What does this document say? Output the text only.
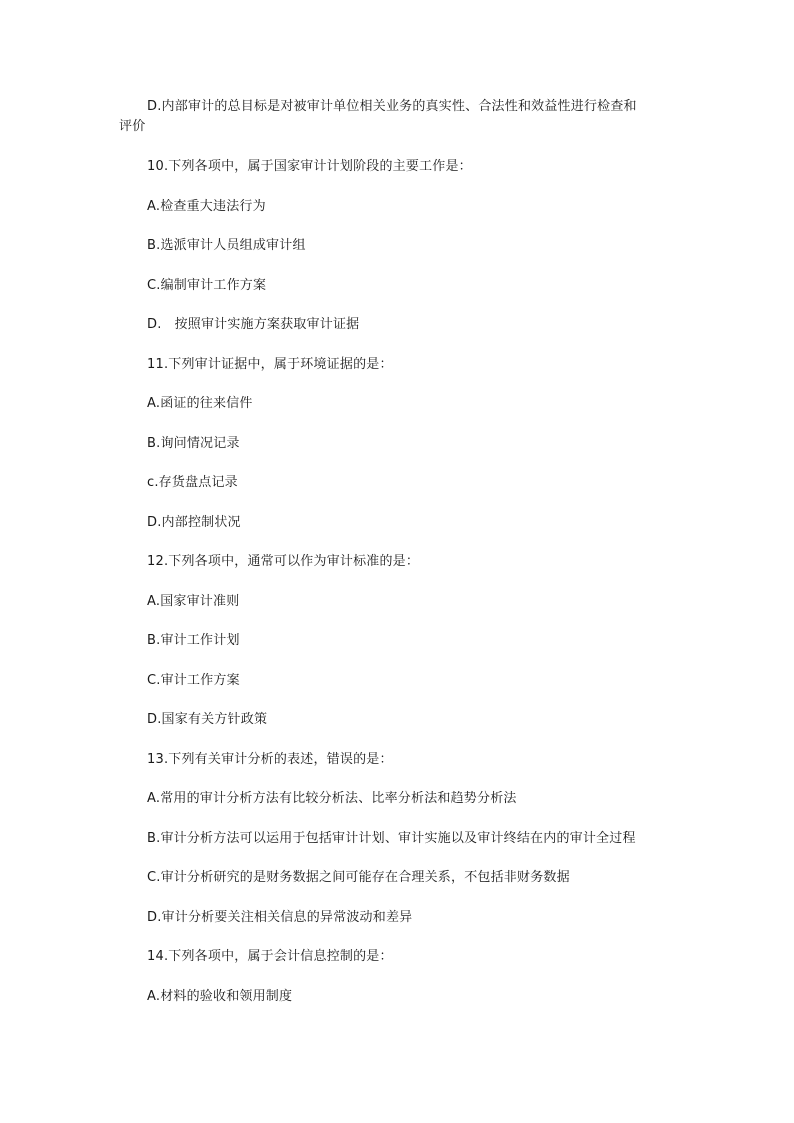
D.内部审计的总目标是对被审计单位相关业务的真实性、合法性和效益性进行检查和
评价
10.下列各项中，属于国家审计计划阶段的主要工作是：
A.检查重大违法行为
B.选派审计人员组成审计组
C.编制审计工作方案
D.   按照审计实施方案获取审计证据
11.下列审计证据中，属于环境证据的是：
A.函证的往来信件
B.询问情况记录
c.存货盘点记录
D.内部控制状况
12.下列各项中，通常可以作为审计标准的是：
A.国家审计准则
B.审计工作计划
C.审计工作方案
D.国家有关方针政策
13.下列有关审计分析的表述，错误的是：
A.常用的审计分析方法有比较分析法、比率分析法和趋势分析法
B.审计分析方法可以运用于包括审计计划、审计实施以及审计终结在内的审计全过程
C.审计分析研究的是财务数据之间可能存在合理关系，不包括非财务数据
D.审计分析要关注相关信息的异常波动和差异
14.下列各项中，属于会计信息控制的是：
A.材料的验收和领用制度
